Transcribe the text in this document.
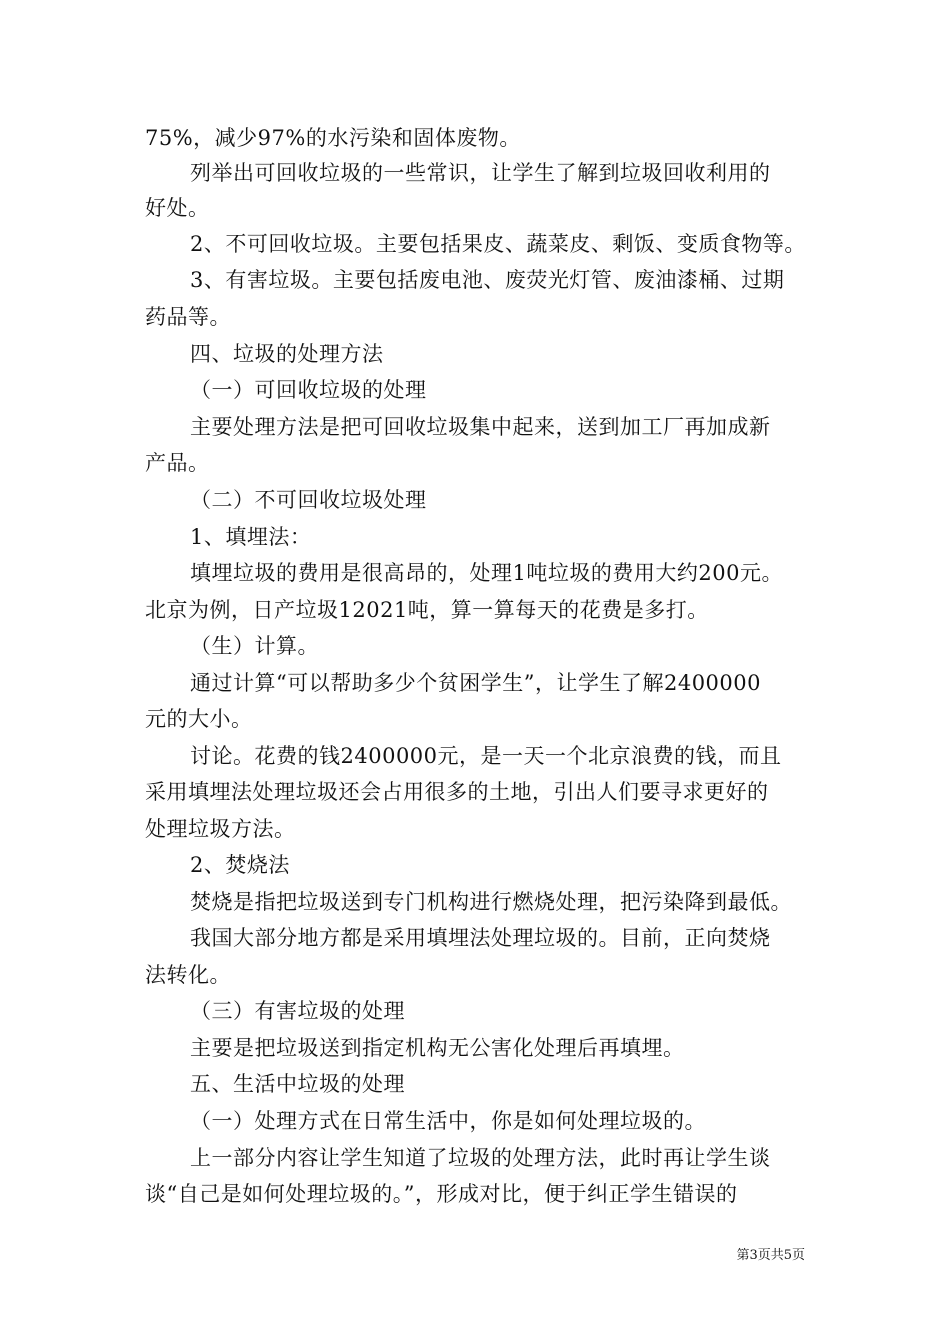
75%，减少97%的水污染和固体废物。
列举出可回收垃圾的一些常识，让学生了解到垃圾回收利用的
好处。
2、不可回收垃圾。主要包括果皮、蔬菜皮、剩饭、变质食物等。
3、有害垃圾。主要包括废电池、废荧光灯管、废油漆桶、过期
药品等。
四、垃圾的处理方法
（一）可回收垃圾的处理
主要处理方法是把可回收垃圾集中起来，送到加工厂再加成新
产品。
（二）不可回收垃圾处理
1、填埋法：
填埋垃圾的费用是很高昂的，处理1吨垃圾的费用大约200元。
北京为例，日产垃圾12021吨，算一算每天的花费是多打。
（生）计算。
通过计算“可以帮助多少个贫困学生”，让学生了解2400000
元的大小。
讨论。花费的钱2400000元，是一天一个北京浪费的钱，而且
采用填埋法处理垃圾还会占用很多的土地，引出人们要寻求更好的
处理垃圾方法。
2、焚烧法
焚烧是指把垃圾送到专门机构进行燃烧处理，把污染降到最低。
我国大部分地方都是采用填埋法处理垃圾的。目前，正向焚烧
法转化。
（三）有害垃圾的处理
主要是把垃圾送到指定机构无公害化处理后再填埋。
五、生活中垃圾的处理
（一）处理方式在日常生活中，你是如何处理垃圾的。
上一部分内容让学生知道了垃圾的处理方法，此时再让学生谈
谈“自己是如何处理垃圾的。”，形成对比，便于纠正学生错误的
第3页共5页
